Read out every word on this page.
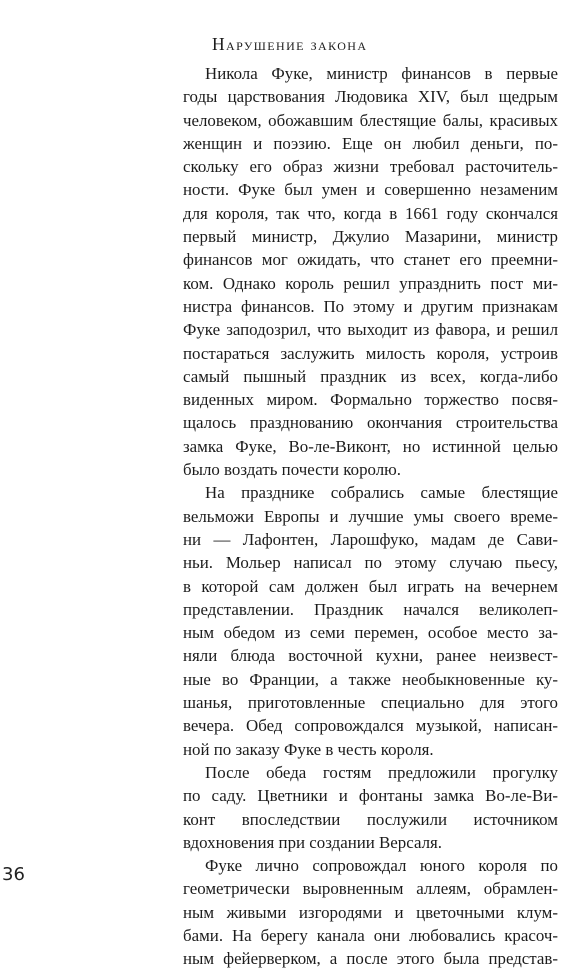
Нарушение закона

Никола Фуке, министр финансов в первые
годы царствования Людовика XIV, был щедрым
человеком, обожавшим блестящие балы, красивых
женщин и поэзию. Еще он любил деньги, по-
скольку его образ жизни требовал расточитель-
ности. Фуке был умен и совершенно незаменим
для короля, так что, когда в 1661 году скончался
первый министр, Джулио Мазарини, министр
финансов мог ожидать, что станет его преемни-
ком. Однако король решил упразднить пост ми-
нистра финансов. По этому и другим признакам
Фуке заподозрил, что выходит из фавора, и решил
постараться заслужить милость короля, устроив
самый пышный праздник из всех, когда-либо
виденных миром. Формально торжество посвя-
щалось празднованию окончания строительства
замка Фуке, Во-ле-Виконт, но истинной целью
было воздать почести королю.

На празднике собрались самые блестящие
вельможи Европы и лучшие умы своего време-
ни — Лафонтен, Ларошфуко, мадам де Сави-
ньи. Мольер написал по этому случаю пьесу,
в которой сам должен был играть на вечернем
представлении. Праздник начался великолеп-
ным обедом из семи перемен, особое место за-
няли блюда восточной кухни, ранее неизвест-
ные во Франции, а также необыкновенные ку-
шанья, приготовленные специально для этого
вечера. Обед сопровождался музыкой, написан-
ной по заказу Фуке в честь короля.

После обеда гостям предложили прогулку
по саду. Цветники и фонтаны замка Во-ле-Ви-
конт впоследствии послужили источником
вдохновения при создании Версаля.

Фуке лично сопровождал юного короля по
геометрически выровненным аллеям, обрамлен-
ным живыми изгородями и цветочными клум-
бами. На берегу канала они любовались красоч-
ным фейерверком, а после этого была представ-

36
